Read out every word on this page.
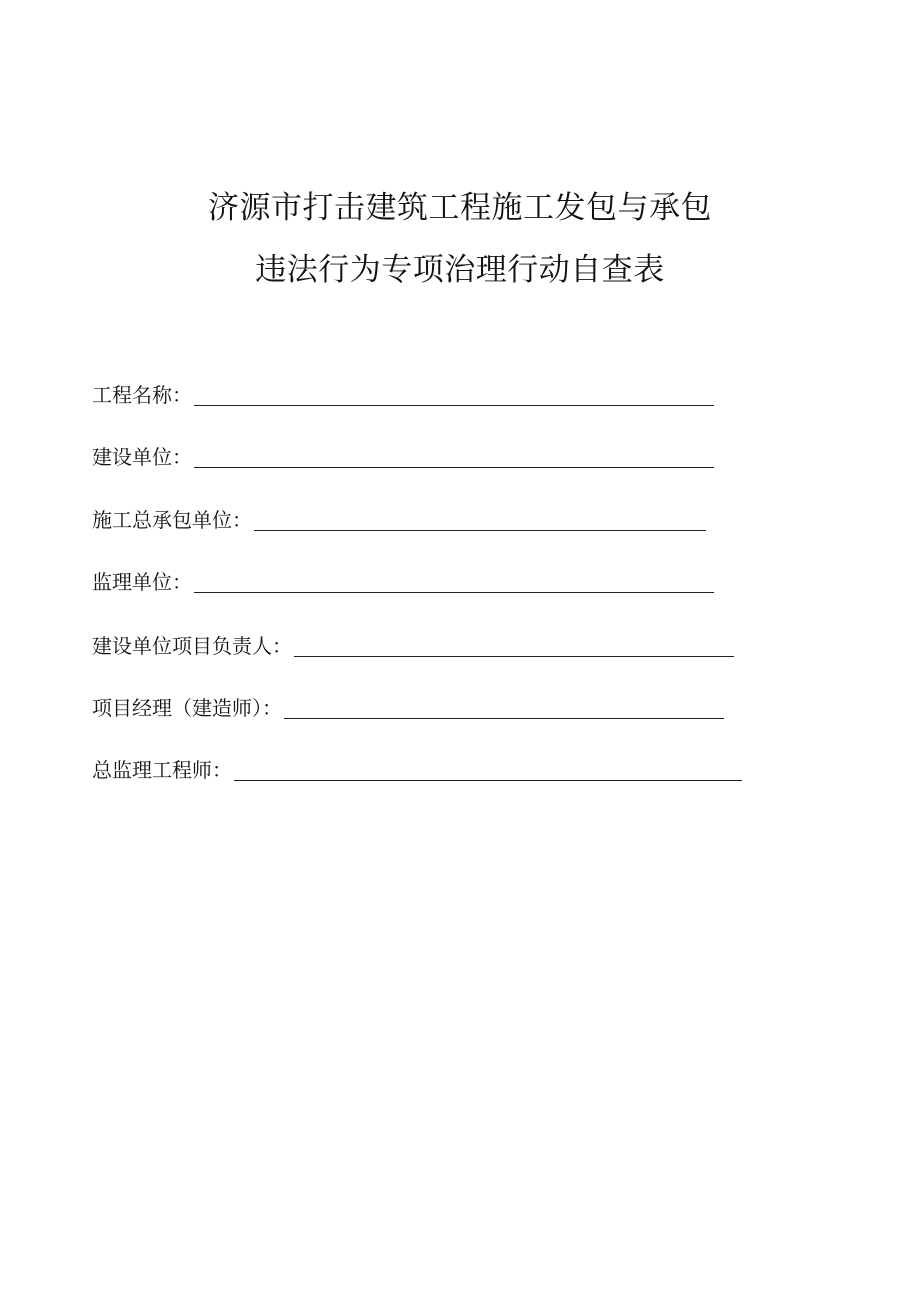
济源市打击建筑工程施工发包与承包
违法行为专项治理行动自查表
工程名称：
建设单位：
施工总承包单位：
监理单位：
建设单位项目负责人：
项目经理（建造师）：
总监理工程师：
